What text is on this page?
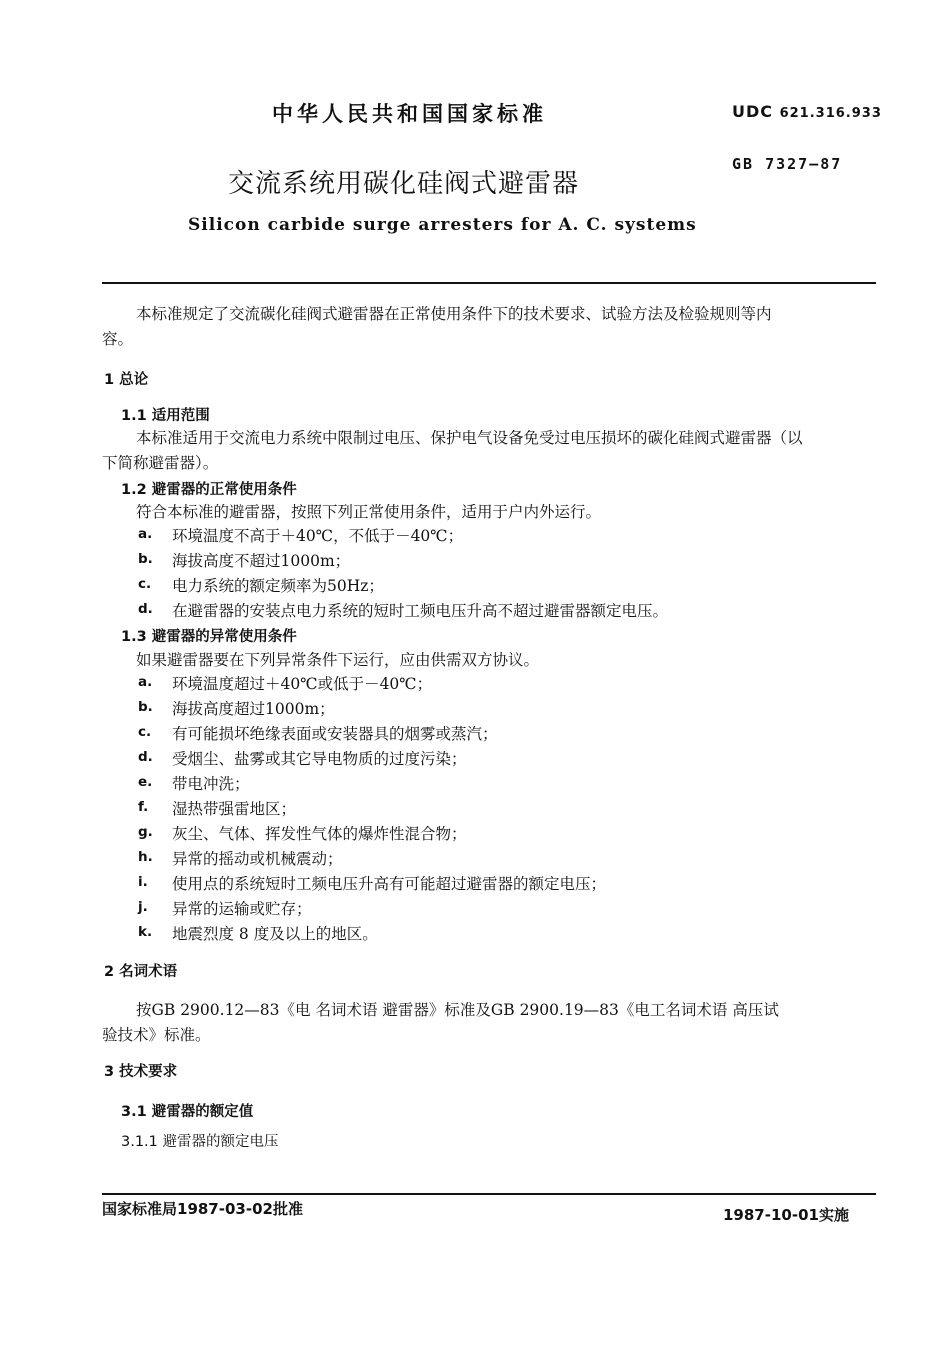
中华人民共和国国家标准	UDC 621.316.933
GB 7327—87
交流系统用碳化硅阀式避雷器
Silicon carbide surge arresters for A. C. systems
本标准规定了交流碳化硅阀式避雷器在正常使用条件下的技术要求、试验方法及检验规则等内
容。
1 总论
1.1 适用范围
本标准适用于交流电力系统中限制过电压、保护电气设备免受过电压损坏的碳化硅阀式避雷器（以
下简称避雷器）。
1.2 避雷器的正常使用条件
符合本标准的避雷器，按照下列正常使用条件，适用于户内外运行。
a. 环境温度不高于＋40℃，不低于－40℃；
b. 海拔高度不超过1000m；
c. 电力系统的额定频率为50Hz；
d. 在避雷器的安装点电力系统的短时工频电压升高不超过避雷器额定电压。
1.3 避雷器的异常使用条件
如果避雷器要在下列异常条件下运行，应由供需双方协议。
a. 环境温度超过＋40℃或低于－40℃；
b. 海拔高度超过1000m；
c. 有可能损坏绝缘表面或安装器具的烟雾或蒸汽；
d. 受烟尘、盐雾或其它导电物质的过度污染；
e. 带电冲洗；
f. 湿热带强雷地区；
g. 灰尘、气体、挥发性气体的爆炸性混合物；
h. 异常的摇动或机械震动；
i. 使用点的系统短时工频电压升高有可能超过避雷器的额定电压；
j. 异常的运输或贮存；
k. 地震烈度 8 度及以上的地区。
2 名词术语
按GB 2900.12—83《电 名词术语 避雷器》标准及GB 2900.19—83《电工名词术语 高压试
验技术》标准。
3 技术要求
3.1 避雷器的额定值
3.1.1 避雷器的额定电压
国家标准局1987-03-02批准	1987-10-01实施
